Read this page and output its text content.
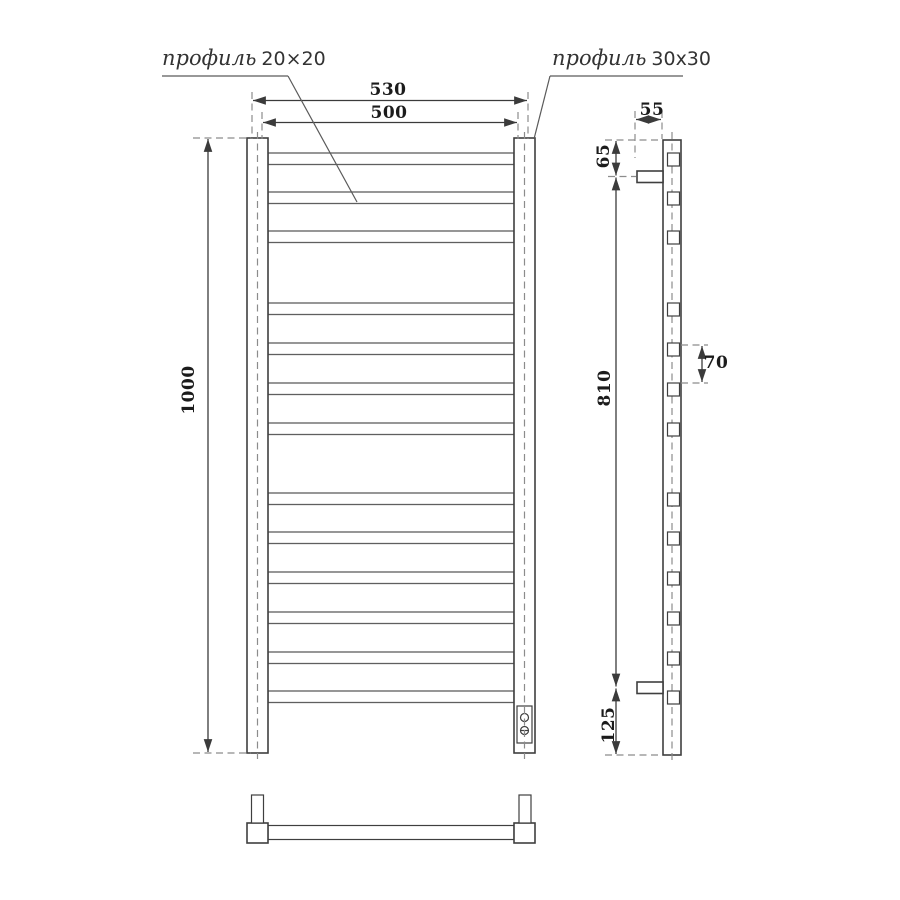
профиль 20×20	профиль 30x30
530
500
1000
55
65
810
70
125
